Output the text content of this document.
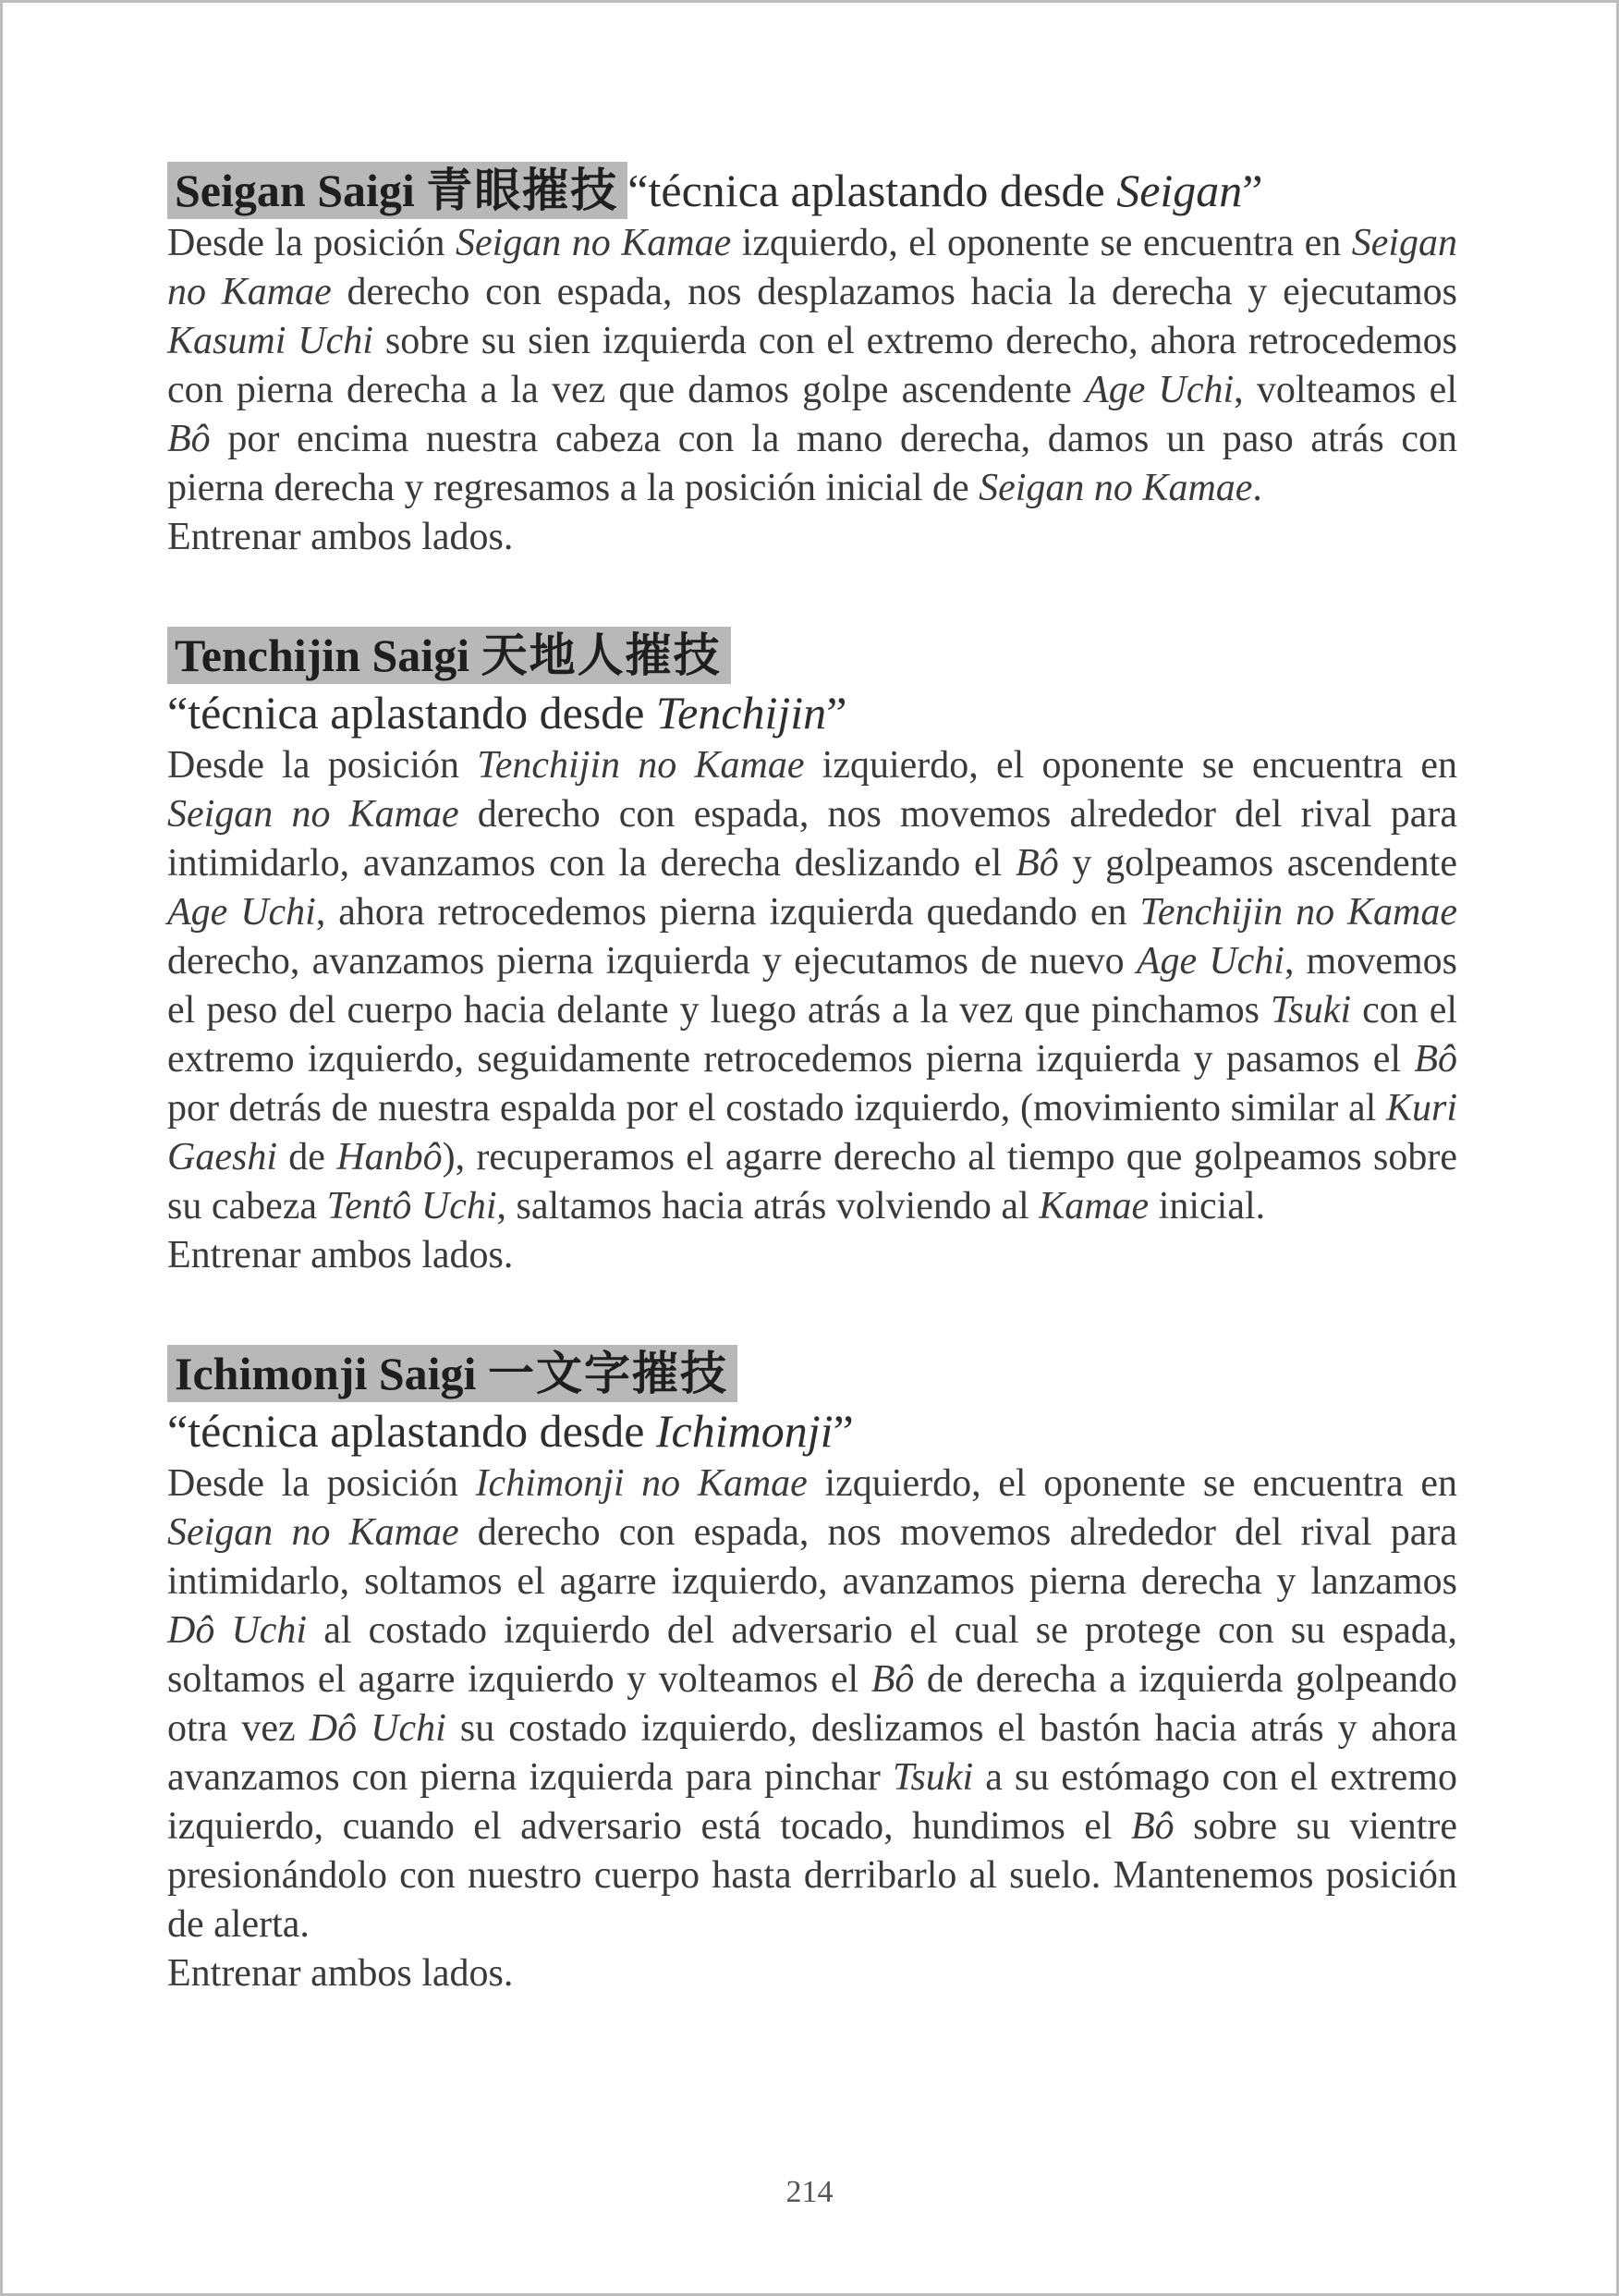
Seigan Saigi 青眼摧技 “técnica aplastando desde Seigan”

Desde la posición Seigan no Kamae izquierdo, el oponente se encuentra en Seigan no Kamae derecho con espada, nos desplazamos hacia la derecha y ejecutamos Kasumi Uchi sobre su sien izquierda con el extremo derecho, ahora retrocedemos con pierna derecha a la vez que damos golpe ascendente Age Uchi, volteamos el Bô por encima nuestra cabeza con la mano derecha, damos un paso atrás con pierna derecha y regresamos a la posición inicial de Seigan no Kamae.

Entrenar ambos lados.

Tenchijin Saigi 天地人摧技
“técnica aplastando desde Tenchijin”

Desde la posición Tenchijin no Kamae izquierdo, el oponente se encuentra en Seigan no Kamae derecho con espada, nos movemos alrededor del rival para intimidarlo, avanzamos con la derecha deslizando el Bô y golpeamos ascendente Age Uchi, ahora retrocedemos pierna izquierda quedando en Tenchijin no Kamae derecho, avanzamos pierna izquierda y ejecutamos de nuevo Age Uchi, movemos el peso del cuerpo hacia delante y luego atrás a la vez que pinchamos Tsuki con el extremo izquierdo, seguidamente retrocedemos pierna izquierda y pasamos el Bô por detrás de nuestra espalda por el costado izquierdo, (movimiento similar al Kuri Gaeshi de Hanbô), recuperamos el agarre derecho al tiempo que golpeamos sobre su cabeza Tentô Uchi, saltamos hacia atrás volviendo al Kamae inicial.

Entrenar ambos lados.

Ichimonji Saigi 一文字摧技
“técnica aplastando desde Ichimonji”

Desde la posición Ichimonji no Kamae izquierdo, el oponente se encuentra en Seigan no Kamae derecho con espada, nos movemos alrededor del rival para intimidarlo, soltamos el agarre izquierdo, avanzamos pierna derecha y lanzamos Dô Uchi al costado izquierdo del adversario el cual se protege con su espada, soltamos el agarre izquierdo y volteamos el Bô de derecha a izquierda golpeando otra vez Dô Uchi su costado izquierdo, deslizamos el bastón hacia atrás y ahora avanzamos con pierna izquierda para pinchar Tsuki a su estómago con el extremo izquierdo, cuando el adversario está tocado, hundimos el Bô sobre su vientre presionándolo con nuestro cuerpo hasta derribarlo al suelo. Mantenemos posición de alerta.

Entrenar ambos lados.

214
